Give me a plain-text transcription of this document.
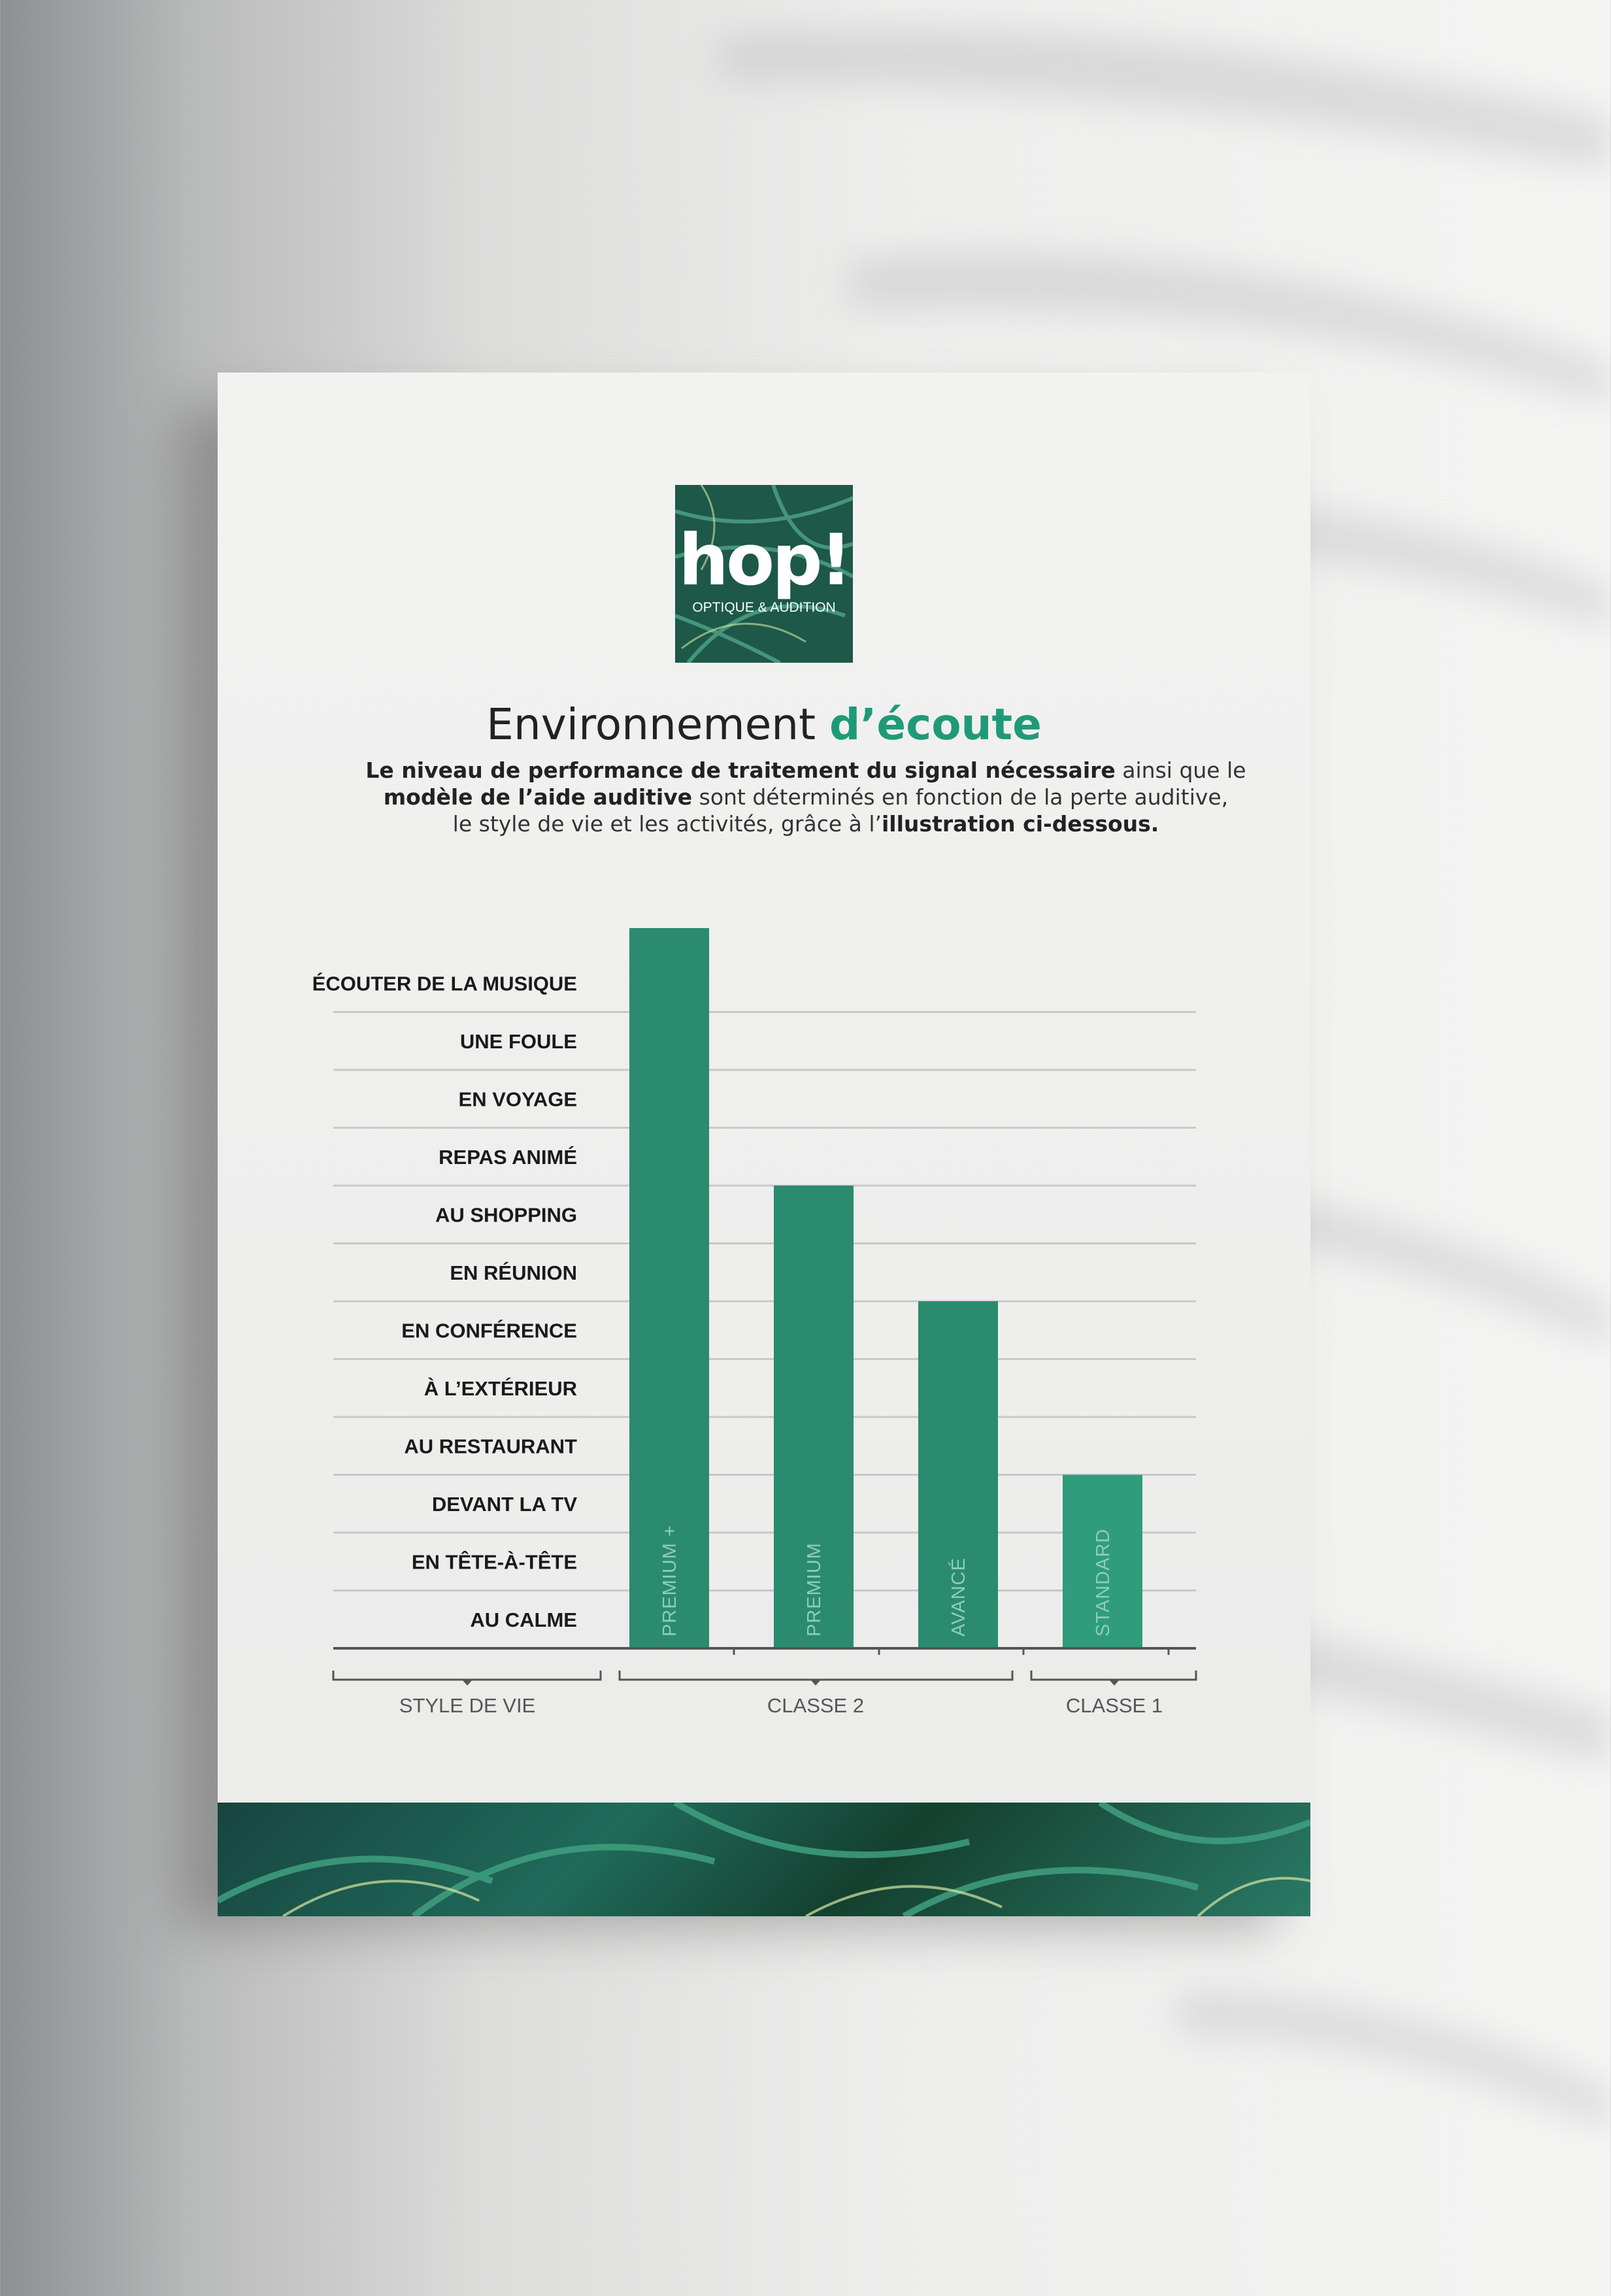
hop!
OPTIQUE & AUDITION
Environnement d’écoute
Le niveau de performance de traitement du signal nécessaire ainsi que le
modèle de l’aide auditive sont déterminés en fonction de la perte auditive,
le style de vie et les activités, grâce à l’illustration ci-dessous.
AU CALME
EN TÊTE-À-TÊTE
DEVANT LA TV
AU RESTAURANT
À L’EXTÉRIEUR
EN CONFÉRENCE
EN RÉUNION
AU SHOPPING
REPAS ANIMÉ
EN VOYAGE
UNE FOULE
ÉCOUTER DE LA MUSIQUE
PREMIUM +	PREMIUM	AVANCÉ	STANDARD
STYLE DE VIE	CLASSE 2	CLASSE 1
